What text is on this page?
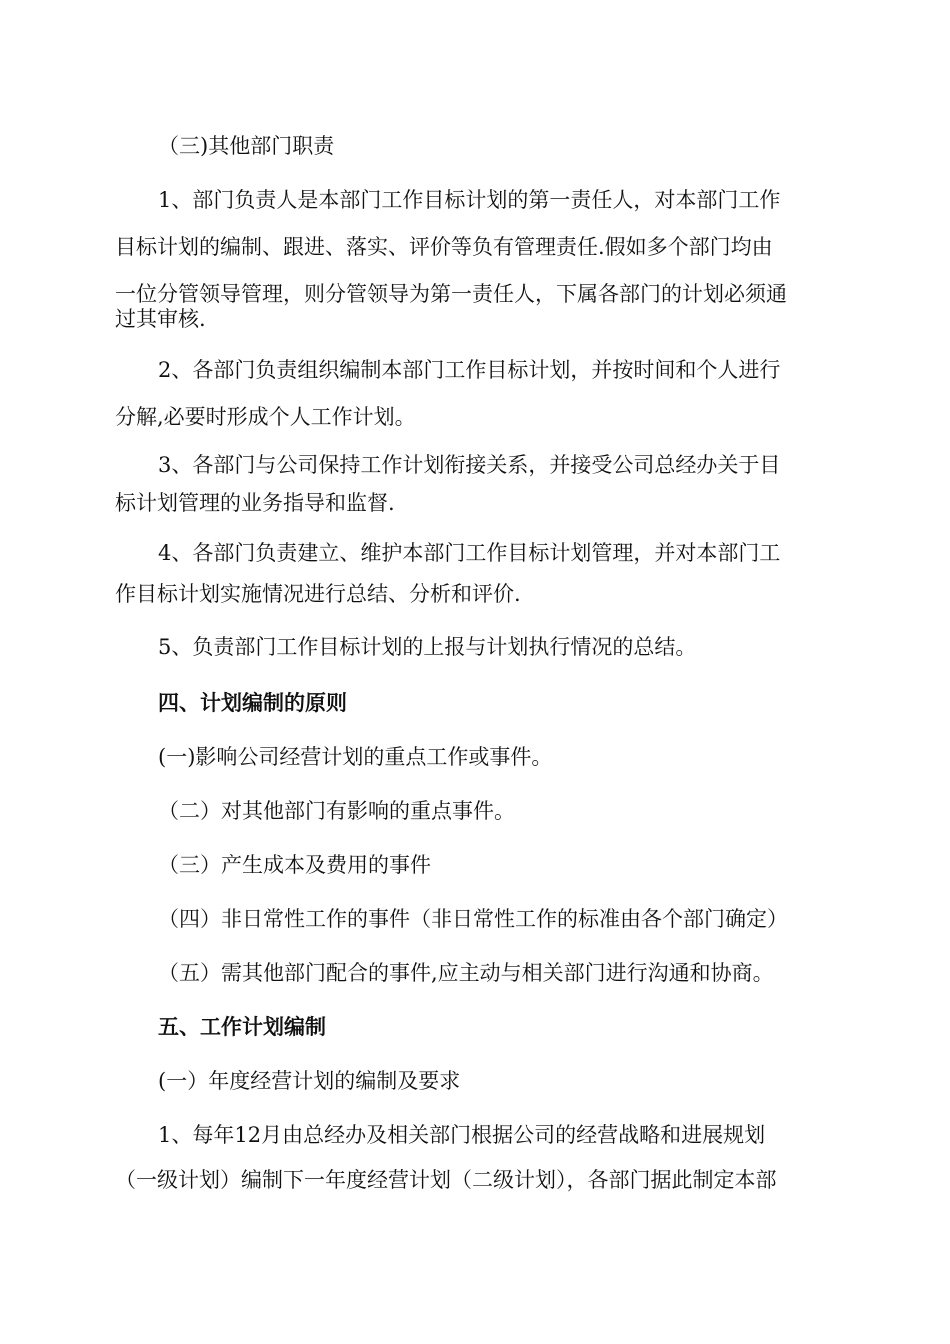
（三)其他部门职责
1、部门负责人是本部门工作目标计划的第一责任人，对本部门工作
目标计划的编制、跟进、落实、评价等负有管理责任.假如多个部门均由
一位分管领导管理，则分管领导为第一责任人，下属各部门的计划必须通
过其审核.
2、各部门负责组织编制本部门工作目标计划，并按时间和个人进行
分解,必要时形成个人工作计划。
3、各部门与公司保持工作计划衔接关系，并接受公司总经办关于目
标计划管理的业务指导和监督.
4、各部门负责建立、维护本部门工作目标计划管理，并对本部门工
作目标计划实施情况进行总结、分析和评价.
5、负责部门工作目标计划的上报与计划执行情况的总结。
四、计划编制的原则
(一)影响公司经营计划的重点工作或事件。
（二）对其他部门有影响的重点事件。
（三）产生成本及费用的事件
（四）非日常性工作的事件（非日常性工作的标准由各个部门确定）
（五）需其他部门配合的事件,应主动与相关部门进行沟通和协商。
五、工作计划编制
(一）年度经营计划的编制及要求
1、每年12月由总经办及相关部门根据公司的经营战略和进展规划
（一级计划）编制下一年度经营计划（二级计划），各部门据此制定本部
